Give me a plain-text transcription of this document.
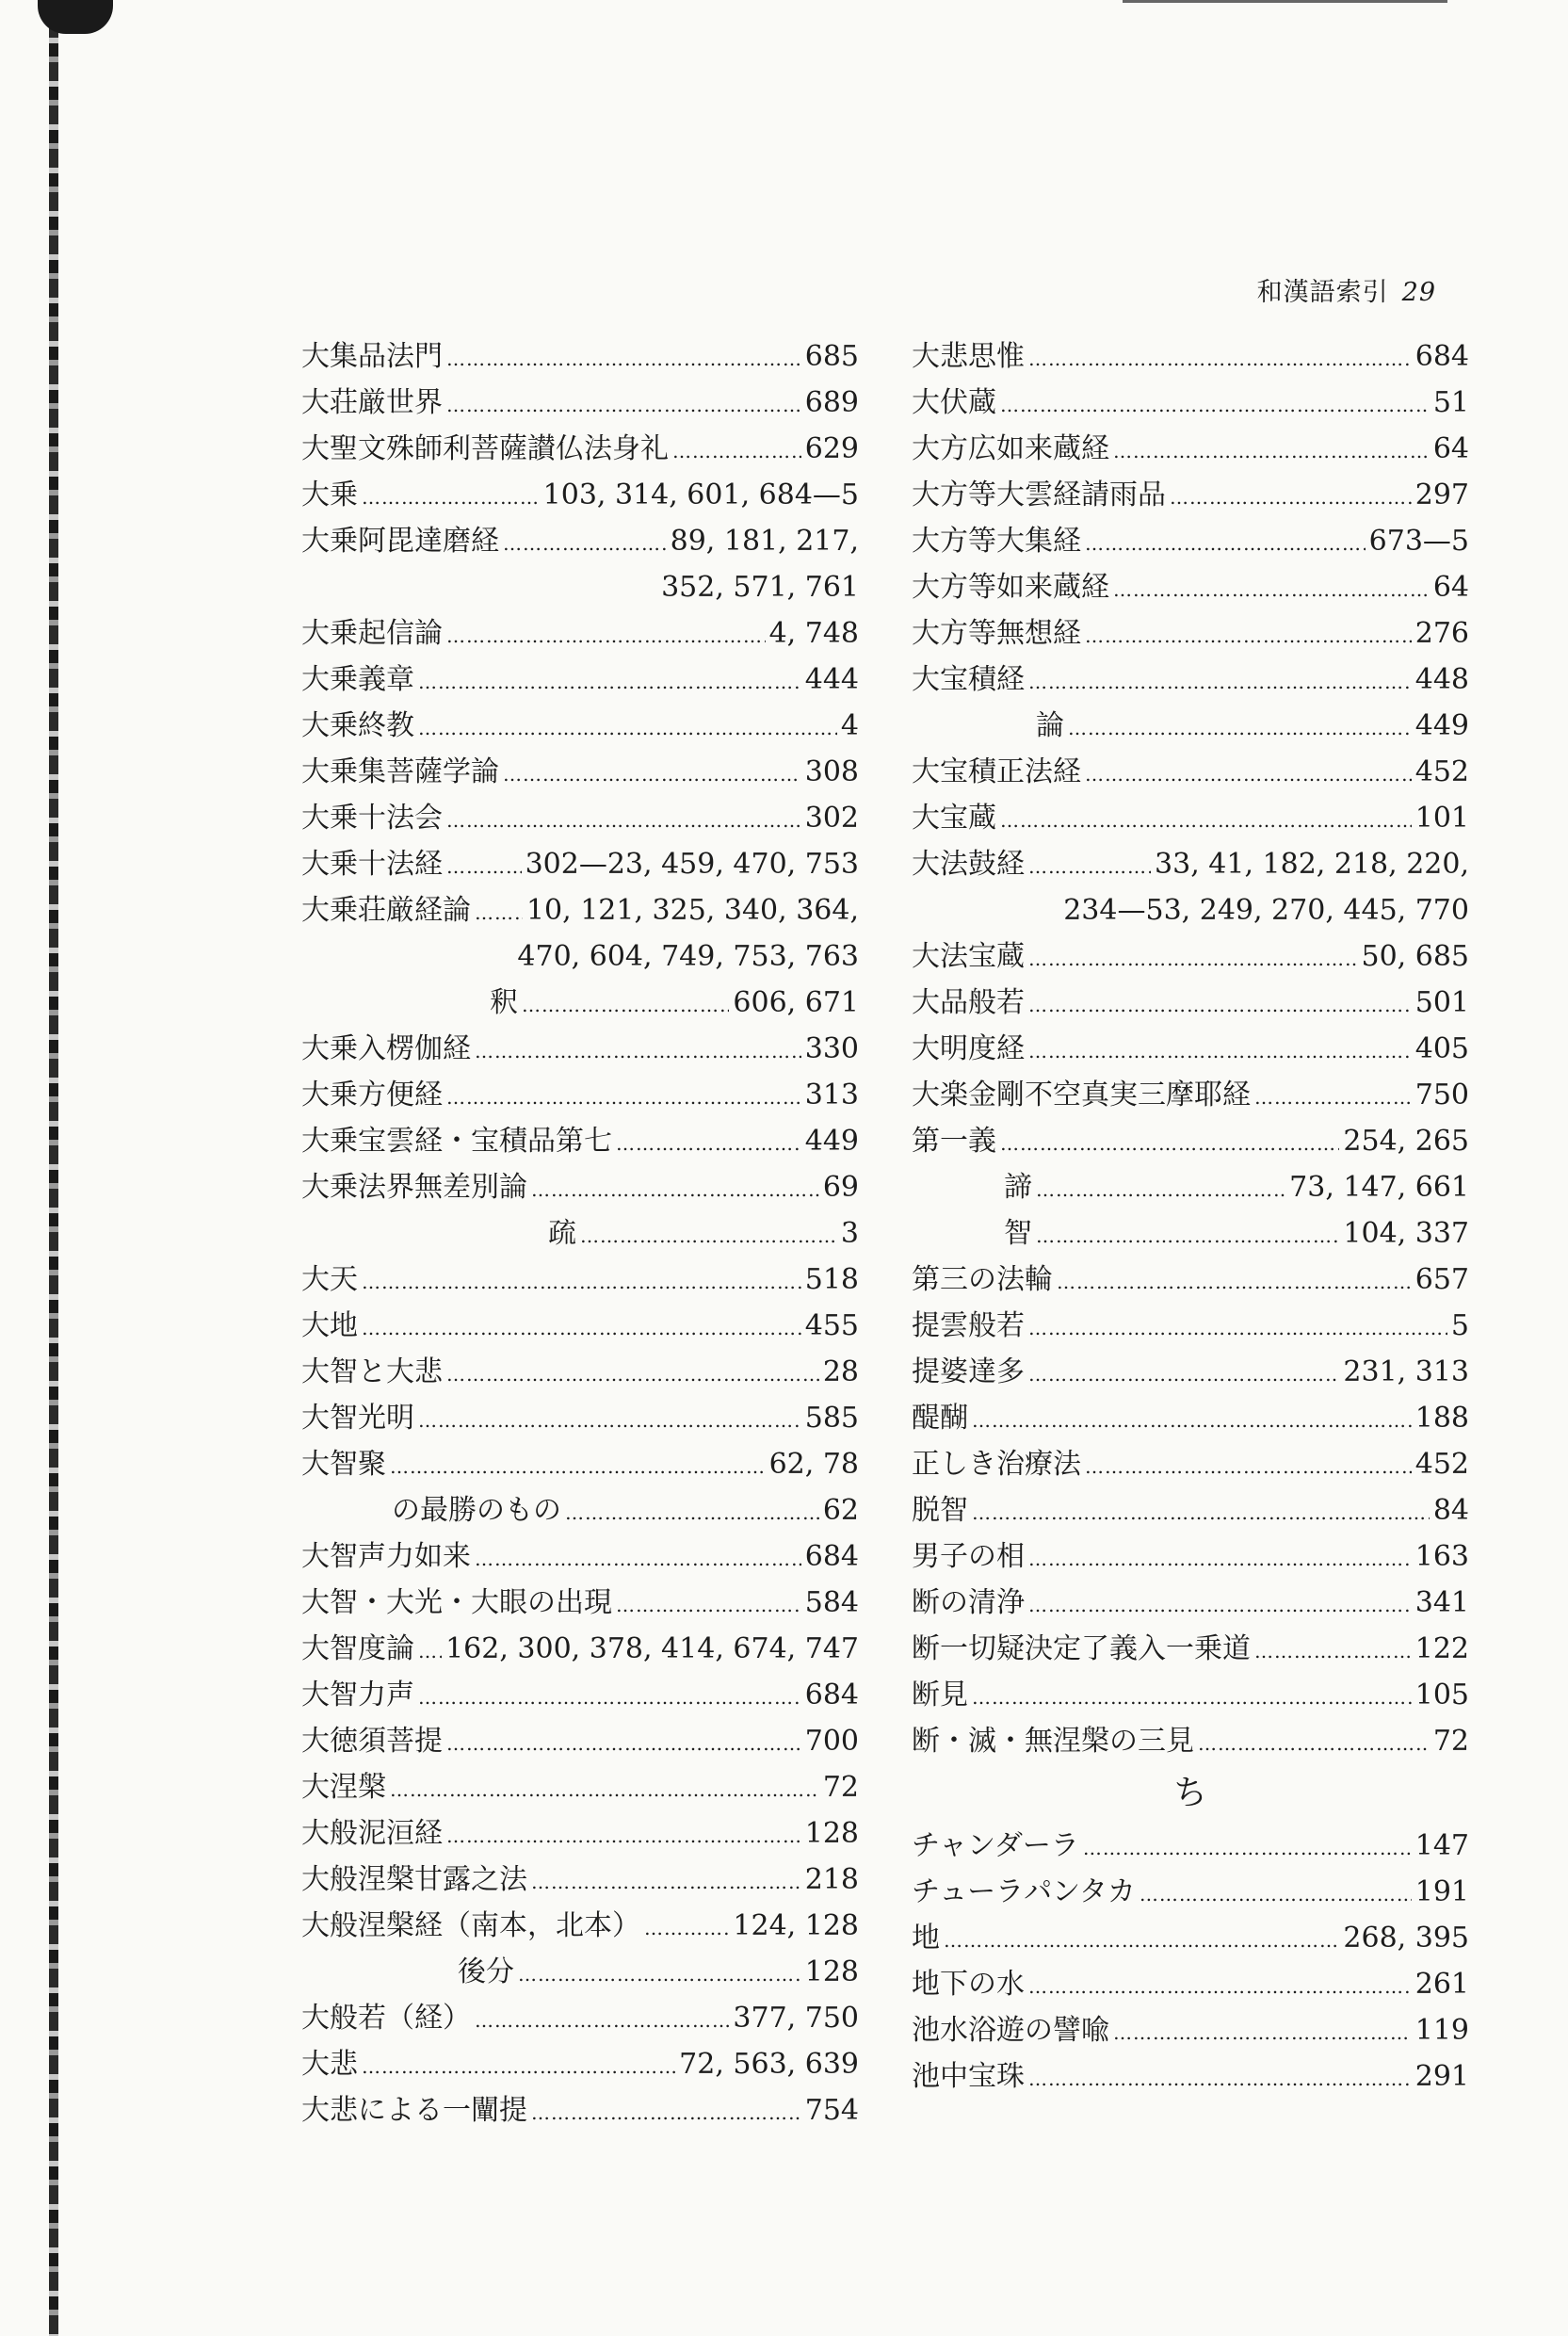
和漢語索引 29
大集品法門 ………………………………………………………………………………………………………………………………………………………………	685
大荘厳世界 ………………………………………………………………………………………………………………………………………………………………	689
大聖文殊師利菩薩讃仏法身礼 ………………………………………………………………………………………………………………………………………………………………	629
大乗 ………………………………………………………………………………………………………………………………………………………………	103, 314, 601, 684—5
大乗阿毘達磨経 ………………………………………………………………………………………………………………………………………………………………	89, 181, 217,
352, 571, 761
大乗起信論 ………………………………………………………………………………………………………………………………………………………………	4, 748
大乗義章 ………………………………………………………………………………………………………………………………………………………………	444
大乗終教 ………………………………………………………………………………………………………………………………………………………………	4
大乗集菩薩学論 ………………………………………………………………………………………………………………………………………………………………	308
大乗十法会 ………………………………………………………………………………………………………………………………………………………………	302
大乗十法経 ………………………………………………………………………………………………………………………………………………………………	302—23, 459, 470, 753
大乗荘厳経論 ……………………………………………………………………………………………………………………………………………………………… 10, 121, 325, 340, 364,
470, 604, 749, 753, 763
釈 ………………………………………………………………………………………………………………………………………………………………	606, 671
大乗入楞伽経 ………………………………………………………………………………………………………………………………………………………………	330
大乗方便経 ………………………………………………………………………………………………………………………………………………………………	313
大乗宝雲経・宝積品第七 ………………………………………………………………………………………………………………………………………………………………	449
大乗法界無差別論 ………………………………………………………………………………………………………………………………………………………………	69
疏 ………………………………………………………………………………………………………………………………………………………………	3
大天 ………………………………………………………………………………………………………………………………………………………………	518
大地 ………………………………………………………………………………………………………………………………………………………………	455
大智と大悲 ………………………………………………………………………………………………………………………………………………………………	28
大智光明 ………………………………………………………………………………………………………………………………………………………………	585
大智聚 ………………………………………………………………………………………………………………………………………………………………	62, 78
の最勝のもの ………………………………………………………………………………………………………………………………………………………………	62
大智声力如来 ………………………………………………………………………………………………………………………………………………………………	684
大智・大光・大眼の出現 ………………………………………………………………………………………………………………………………………………………………	584
大智度論 ……………………………………………………………………………………………………………………………………………………………… 162, 300, 378, 414, 674, 747
大智力声 ………………………………………………………………………………………………………………………………………………………………	684
大徳須菩提 ………………………………………………………………………………………………………………………………………………………………	700
大涅槃 ………………………………………………………………………………………………………………………………………………………………	72
大般泥洹経 ………………………………………………………………………………………………………………………………………………………………	128
大般涅槃甘露之法 ………………………………………………………………………………………………………………………………………………………………	218
大般涅槃経（南本，北本） ………………………………………………………………………………………………………………………………………………………………	124, 128
後分 ………………………………………………………………………………………………………………………………………………………………	128
大般若（経） ………………………………………………………………………………………………………………………………………………………………	377, 750
大悲 ………………………………………………………………………………………………………………………………………………………………	72, 563, 639
大悲による一闡提 ………………………………………………………………………………………………………………………………………………………………	754
大悲思惟 ………………………………………………………………………………………………………………………………………………………………	684
大伏蔵 ………………………………………………………………………………………………………………………………………………………………	51
大方広如来蔵経 ………………………………………………………………………………………………………………………………………………………………	64
大方等大雲経請雨品 ………………………………………………………………………………………………………………………………………………………………	297
大方等大集経 ………………………………………………………………………………………………………………………………………………………………	673—5
大方等如来蔵経 ………………………………………………………………………………………………………………………………………………………………	64
大方等無想経 ………………………………………………………………………………………………………………………………………………………………	276
大宝積経 ………………………………………………………………………………………………………………………………………………………………	448
論 ………………………………………………………………………………………………………………………………………………………………	449
大宝積正法経 ………………………………………………………………………………………………………………………………………………………………	452
大宝蔵 ………………………………………………………………………………………………………………………………………………………………	101
大法鼓経 ………………………………………………………………………………………………………………………………………………………………	33, 41, 182, 218, 220,
234—53, 249, 270, 445, 770
大法宝蔵 ………………………………………………………………………………………………………………………………………………………………	50, 685
大品般若 ………………………………………………………………………………………………………………………………………………………………	501
大明度経 ………………………………………………………………………………………………………………………………………………………………	405
大楽金剛不空真実三摩耶経 ………………………………………………………………………………………………………………………………………………………………	750
第一義 ………………………………………………………………………………………………………………………………………………………………	254, 265
諦 ………………………………………………………………………………………………………………………………………………………………	73, 147, 661
智 ………………………………………………………………………………………………………………………………………………………………	104, 337
第三の法輪 ………………………………………………………………………………………………………………………………………………………………	657
提雲般若 ………………………………………………………………………………………………………………………………………………………………	5
提婆達多 ………………………………………………………………………………………………………………………………………………………………	231, 313
醍醐 ………………………………………………………………………………………………………………………………………………………………	188
正しき治療法 ………………………………………………………………………………………………………………………………………………………………	452
脱智 ………………………………………………………………………………………………………………………………………………………………	84
男子の相 ………………………………………………………………………………………………………………………………………………………………	163
断の清浄 ………………………………………………………………………………………………………………………………………………………………	341
断一切疑決定了義入一乗道 ………………………………………………………………………………………………………………………………………………………………	122
断見 ………………………………………………………………………………………………………………………………………………………………	105
断・滅・無涅槃の三見 ………………………………………………………………………………………………………………………………………………………………	72
ち
チャンダーラ ………………………………………………………………………………………………………………………………………………………………	147
チューラパンタカ ………………………………………………………………………………………………………………………………………………………………	191
地 ………………………………………………………………………………………………………………………………………………………………	268, 395
地下の水 ………………………………………………………………………………………………………………………………………………………………	261
池水浴遊の譬喩 ………………………………………………………………………………………………………………………………………………………………	119
池中宝珠 ………………………………………………………………………………………………………………………………………………………………	291
